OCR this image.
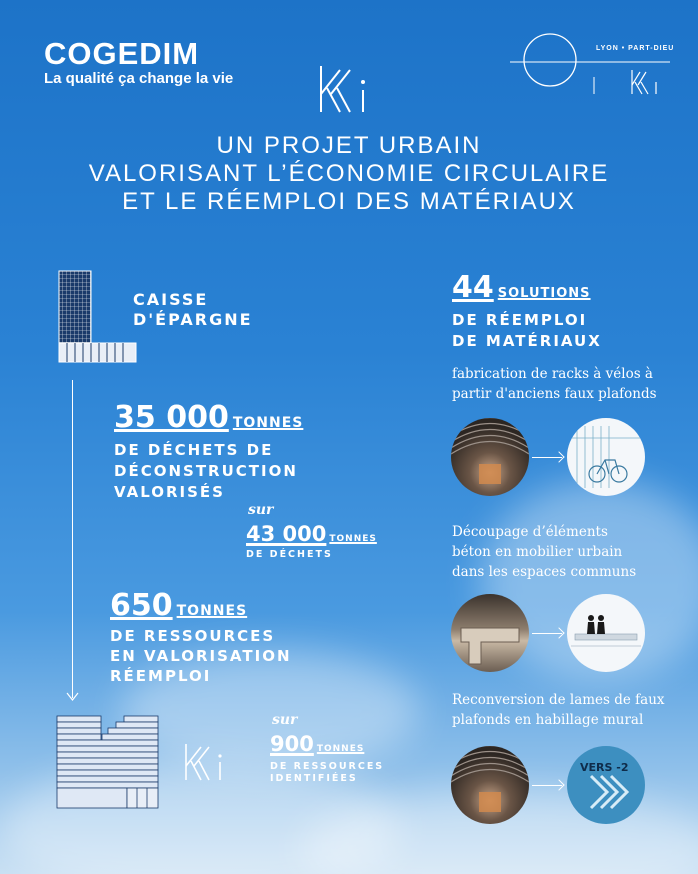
COGEDIM
La qualité ça change la vie
LYON • PART-DIEU
UN PROJET URBAIN
VALORISANT L’ÉCONOMIE CIRCULAIRE
ET LE RÉEMPLOI DES MATÉRIAUX
CAISSE
D'ÉPARGNE
35 000 TONNES
DE DÉCHETS DE
DÉCONSTRUCTION
VALORISÉS
sur
43 000 TONNES
DE DÉCHETS
650 TONNES
DE RESSOURCES
EN VALORISATION
RÉEMPLOI
sur
900 TONNES
DE RESSOURCES
IDENTIFIÉES
44 SOLUTIONS
DE RÉEMPLOI
DE MATÉRIAUX
fabrication de racks à vélos à
partir d'anciens faux plafonds
Découpage d’éléments
béton en mobilier urbain
dans les espaces communs
Reconversion de lames de faux
plafonds en habillage mural
VERS -2
